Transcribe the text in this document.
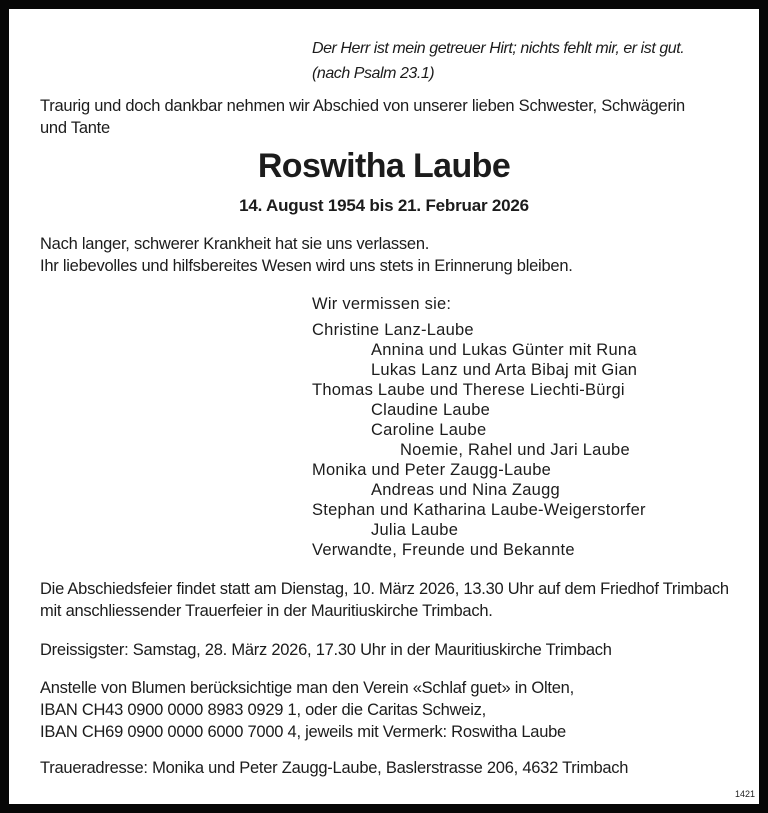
Der Herr ist mein getreuer Hirt; nichts fehlt mir, er ist gut.
(nach Psalm 23.1)
Traurig und doch dankbar nehmen wir Abschied von unserer lieben Schwester, Schwägerin
und Tante
Roswitha Laube
14. August 1954 bis 21. Februar 2026
Nach langer, schwerer Krankheit hat sie uns verlassen.
Ihr liebevolles und hilfsbereites Wesen wird uns stets in Erinnerung bleiben.
Wir vermissen sie:
Christine Lanz-Laube
Annina und Lukas Günter mit Runa
Lukas Lanz und Arta Bibaj mit Gian
Thomas Laube und Therese Liechti-Bürgi
Claudine Laube
Caroline Laube
Noemie, Rahel und Jari Laube
Monika und Peter Zaugg-Laube
Andreas und Nina Zaugg
Stephan und Katharina Laube-Weigerstorfer
Julia Laube
Verwandte, Freunde und Bekannte
Die Abschiedsfeier findet statt am Dienstag, 10. März 2026, 13.30 Uhr auf dem Friedhof Trimbach
mit anschliessender Trauerfeier in der Mauritiuskirche Trimbach.
Dreissigster: Samstag, 28. März 2026, 17.30 Uhr in der Mauritiuskirche Trimbach
Anstelle von Blumen berücksichtige man den Verein «Schlaf guet» in Olten,
IBAN CH43 0900 0000 8983 0929 1, oder die Caritas Schweiz,
IBAN CH69 0900 0000 6000 7000 4, jeweils mit Vermerk: Roswitha Laube
Traueradresse: Monika und Peter Zaugg-Laube, Baslerstrasse 206, 4632 Trimbach
1421
